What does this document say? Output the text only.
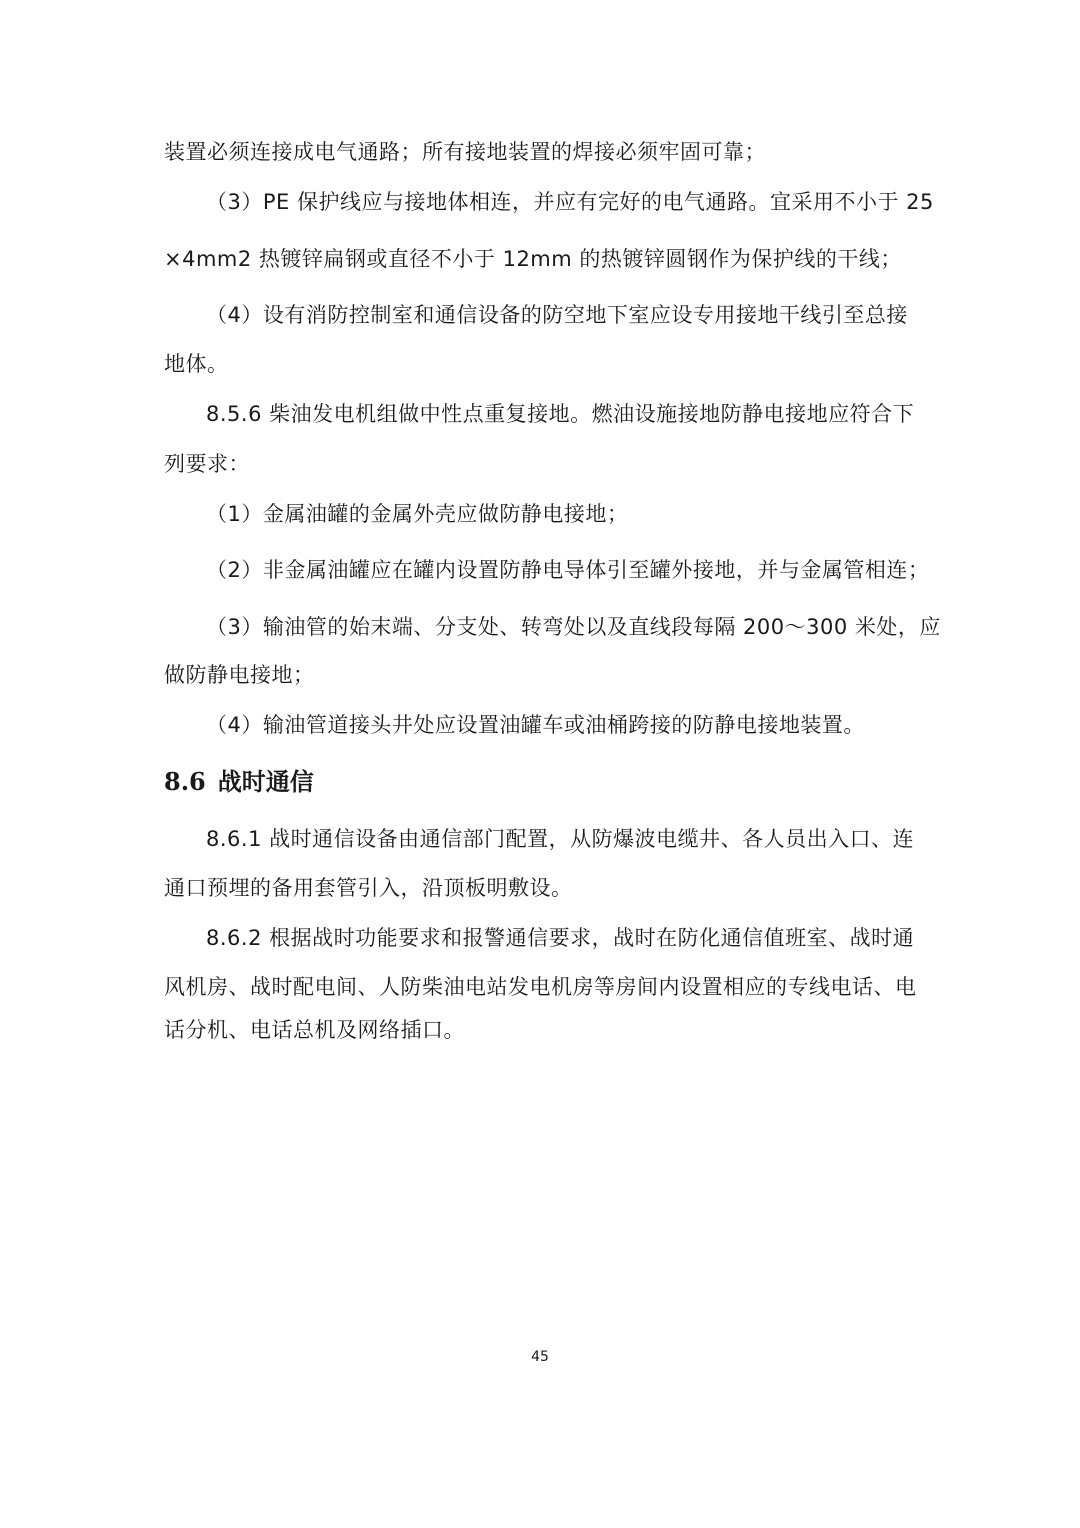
装置必须连接成电气通路；所有接地装置的焊接必须牢固可靠；
（3）PE 保护线应与接地体相连，并应有完好的电气通路。宜采用不小于 25
×4mm2 热镀锌扁钢或直径不小于 12mm 的热镀锌圆钢作为保护线的干线；
（4）设有消防控制室和通信设备的防空地下室应设专用接地干线引至总接
地体。
8.5.6 柴油发电机组做中性点重复接地。燃油设施接地防静电接地应符合下
列要求：
（1）金属油罐的金属外壳应做防静电接地；
（2）非金属油罐应在罐内设置防静电导体引至罐外接地，并与金属管相连；
（3）输油管的始末端、分支处、转弯处以及直线段每隔 200～300 米处，应
做防静电接地；
（4）输油管道接头井处应设置油罐车或油桶跨接的防静电接地装置。
8.6 战时通信
8.6.1 战时通信设备由通信部门配置，从防爆波电缆井、各人员出入口、连
通口预埋的备用套管引入，沿顶板明敷设。
8.6.2 根据战时功能要求和报警通信要求，战时在防化通信值班室、战时通
风机房、战时配电间、人防柴油电站发电机房等房间内设置相应的专线电话、电
话分机、电话总机及网络插口。
45
